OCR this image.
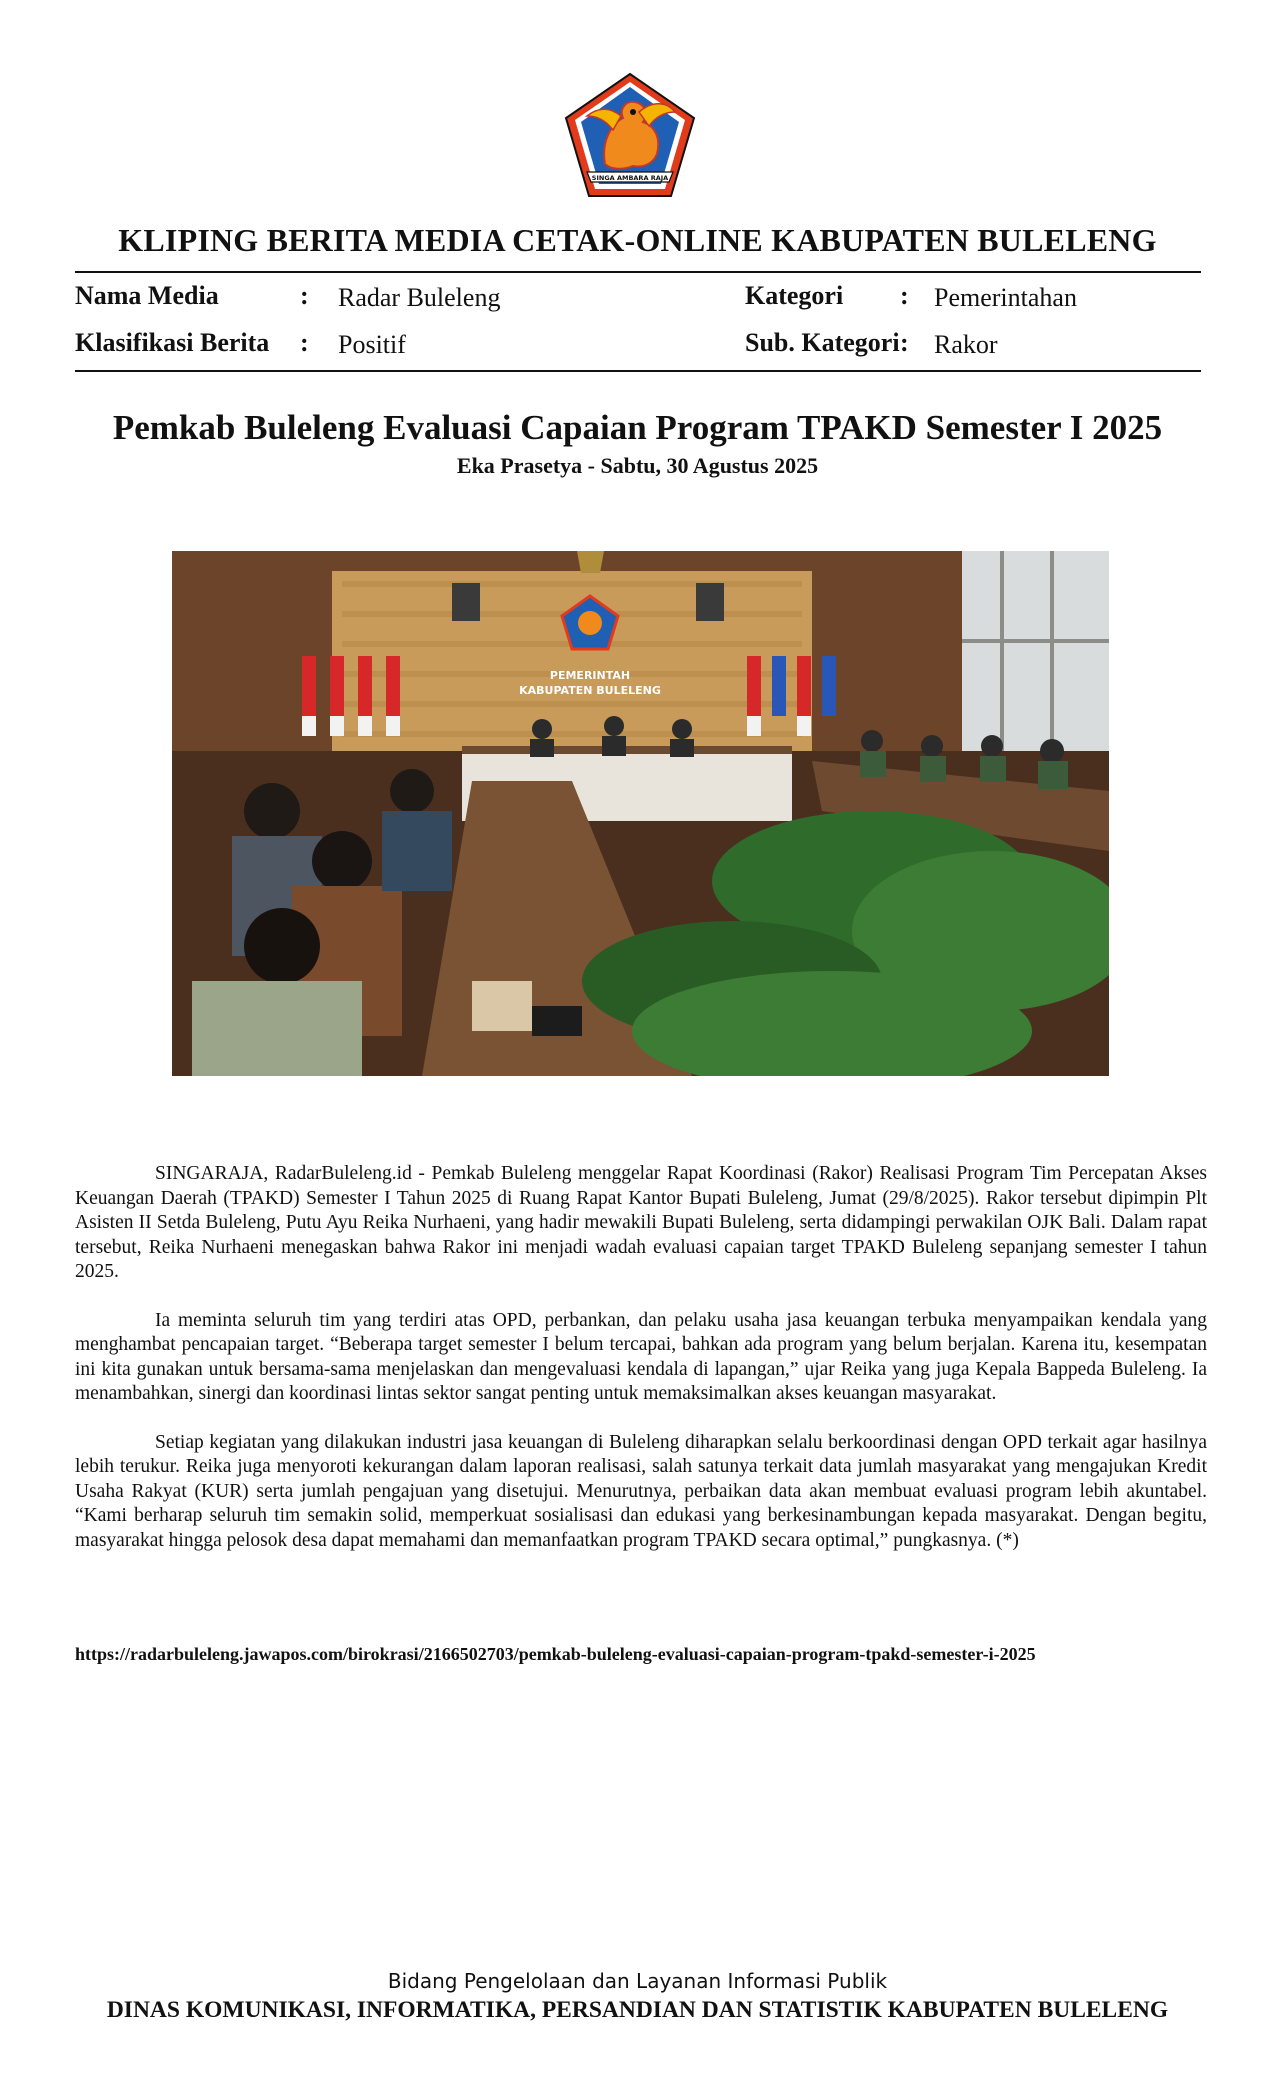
SINGA AMBARA RAJA
KLIPING BERITA MEDIA CETAK-ONLINE KABUPATEN BULELENG
Nama Media	: Radar Buleleng
Klasifikasi Berita : Positif
Kategori : Pemerintahan
Sub. Kategori : Rakor
Pemkab Buleleng Evaluasi Capaian Program TPAKD Semester I 2025
Eka Prasetya - Sabtu, 30 Agustus 2025
PEMERINTAH
KABUPATEN BULELENG

SINGARAJA, RadarBuleleng.id - Pemkab Buleleng menggelar Rapat Koordinasi (Rakor) Realisasi Program Tim Percepatan Akses Keuangan Daerah (TPAKD) Semester I Tahun 2025 di Ruang Rapat Kantor Bupati Buleleng, Jumat (29/8/2025). Rakor tersebut dipimpin Plt Asisten II Setda Buleleng, Putu Ayu Reika Nurhaeni, yang hadir mewakili Bupati Buleleng, serta didampingi perwakilan OJK Bali. Dalam rapat tersebut, Reika Nurhaeni menegaskan bahwa Rakor ini menjadi wadah evaluasi capaian target TPAKD Buleleng sepanjang semester I tahun 2025.

Ia meminta seluruh tim yang terdiri atas OPD, perbankan, dan pelaku usaha jasa keuangan terbuka menyampaikan kendala yang menghambat pencapaian target. “Beberapa target semester I belum tercapai, bahkan ada program yang belum berjalan. Karena itu, kesempatan ini kita gunakan untuk bersama-sama menjelaskan dan mengevaluasi kendala di lapangan,” ujar Reika yang juga Kepala Bappeda Buleleng. Ia menambahkan, sinergi dan koordinasi lintas sektor sangat penting untuk memaksimalkan akses keuangan masyarakat.

Setiap kegiatan yang dilakukan industri jasa keuangan di Buleleng diharapkan selalu berkoordinasi dengan OPD terkait agar hasilnya lebih terukur. Reika juga menyoroti kekurangan dalam laporan realisasi, salah satunya terkait data jumlah masyarakat yang mengajukan Kredit Usaha Rakyat (KUR) serta jumlah pengajuan yang disetujui. Menurutnya, perbaikan data akan membuat evaluasi program lebih akuntabel. “Kami berharap seluruh tim semakin solid, memperkuat sosialisasi dan edukasi yang berkesinambungan kepada masyarakat. Dengan begitu, masyarakat hingga pelosok desa dapat memahami dan memanfaatkan program TPAKD secara optimal,” pungkasnya. (*)

https://radarbuleleng.jawapos.com/birokrasi/2166502703/pemkab-buleleng-evaluasi-capaian-program-tpakd-semester-i-2025
Bidang Pengelolaan dan Layanan Informasi Publik
DINAS KOMUNIKASI, INFORMATIKA, PERSANDIAN DAN STATISTIK KABUPATEN BULELENG
